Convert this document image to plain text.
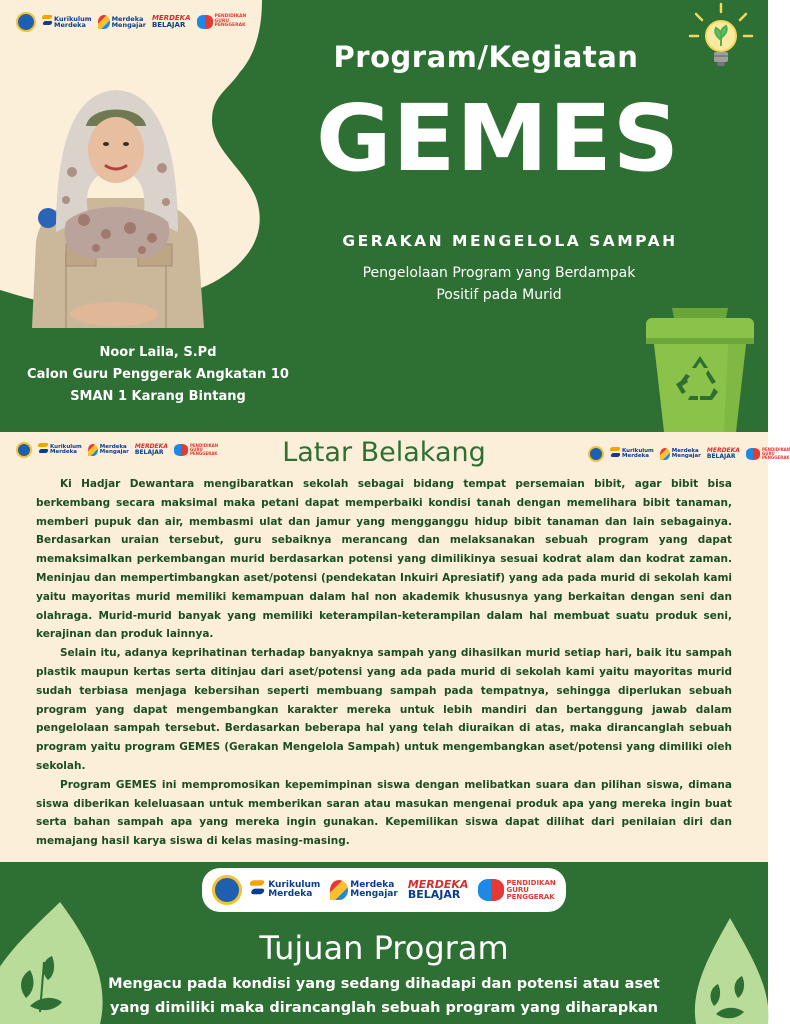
Kurikulum
Merdeka
Merdeka
Mengajar
MERDEKA
BELAJAR
PENDIDIKAN
GURU
PENGGERAK
Noor Laila, S.Pd
Calon Guru Penggerak Angkatan 10
SMAN 1 Karang Bintang
Program/Kegiatan
GEMES
GERAKAN MENGELOLA SAMPAH
Pengelolaan Program yang Berdampak
Positif pada Murid
Kurikulum
Merdeka
Merdeka
Mengajar
MERDEKA
BELAJAR
PENDIDIKAN
GURU
PENGGERAK	Latar Belakang	Kurikulum
Merdeka
Merdeka
Mengajar
MERDEKA
BELAJAR
PENDIDIKAN
GURU
PENGGERAK

Ki Hadjar Dewantara mengibaratkan sekolah sebagai bidang tempat persemaian bibit, agar bibit bisa berkembang secara maksimal maka petani dapat memperbaiki kondisi tanah dengan memelihara bibit tanaman, memberi pupuk dan air, membasmi ulat dan jamur yang mengganggu hidup bibit tanaman dan lain sebagainya. Berdasarkan uraian tersebut, guru sebaiknya merancang dan melaksanakan sebuah program yang dapat memaksimalkan perkembangan murid berdasarkan potensi yang dimilikinya sesuai kodrat alam dan kodrat zaman. Meninjau dan mempertimbangkan aset/potensi (pendekatan Inkuiri Apresiatif) yang ada pada murid di sekolah kami yaitu mayoritas murid memiliki kemampuan dalam hal non akademik khususnya yang berkaitan dengan seni dan olahraga. Murid-murid banyak yang memiliki keterampilan-keterampilan dalam hal membuat suatu produk seni, kerajinan dan produk lainnya.

Selain itu, adanya keprihatinan terhadap banyaknya sampah yang dihasilkan murid setiap hari, baik itu sampah plastik maupun kertas serta ditinjau dari aset/potensi yang ada pada murid di sekolah kami yaitu mayoritas murid sudah terbiasa menjaga kebersihan seperti membuang sampah pada tempatnya, sehingga diperlukan sebuah program yang dapat mengembangkan karakter mereka untuk lebih mandiri dan bertanggung jawab dalam pengelolaan sampah tersebut. Berdasarkan beberapa hal yang telah diuraikan di atas, maka dirancanglah sebuah program yaitu program GEMES (Gerakan Mengelola Sampah) untuk mengembangkan aset/potensi yang dimiliki oleh sekolah.

Program GEMES ini mempromosikan kepemimpinan siswa dengan melibatkan suara dan pilihan siswa, dimana siswa diberikan keleluasaan untuk memberikan saran atau masukan mengenai produk apa yang mereka ingin buat serta bahan sampah apa yang mereka ingin gunakan. Kepemilikan siswa dapat dilihat dari penilaian diri dan memajang hasil karya siswa di kelas masing-masing.

Kurikulum
Merdeka
Merdeka
Mengajar
MERDEKA
BELAJAR
PENDIDIKAN
GURU
PENGGERAK
Tujuan Program
Mengacu pada kondisi yang sedang dihadapi dan potensi atau aset yang dimiliki maka dirancanglah sebuah program yang diharapkan
